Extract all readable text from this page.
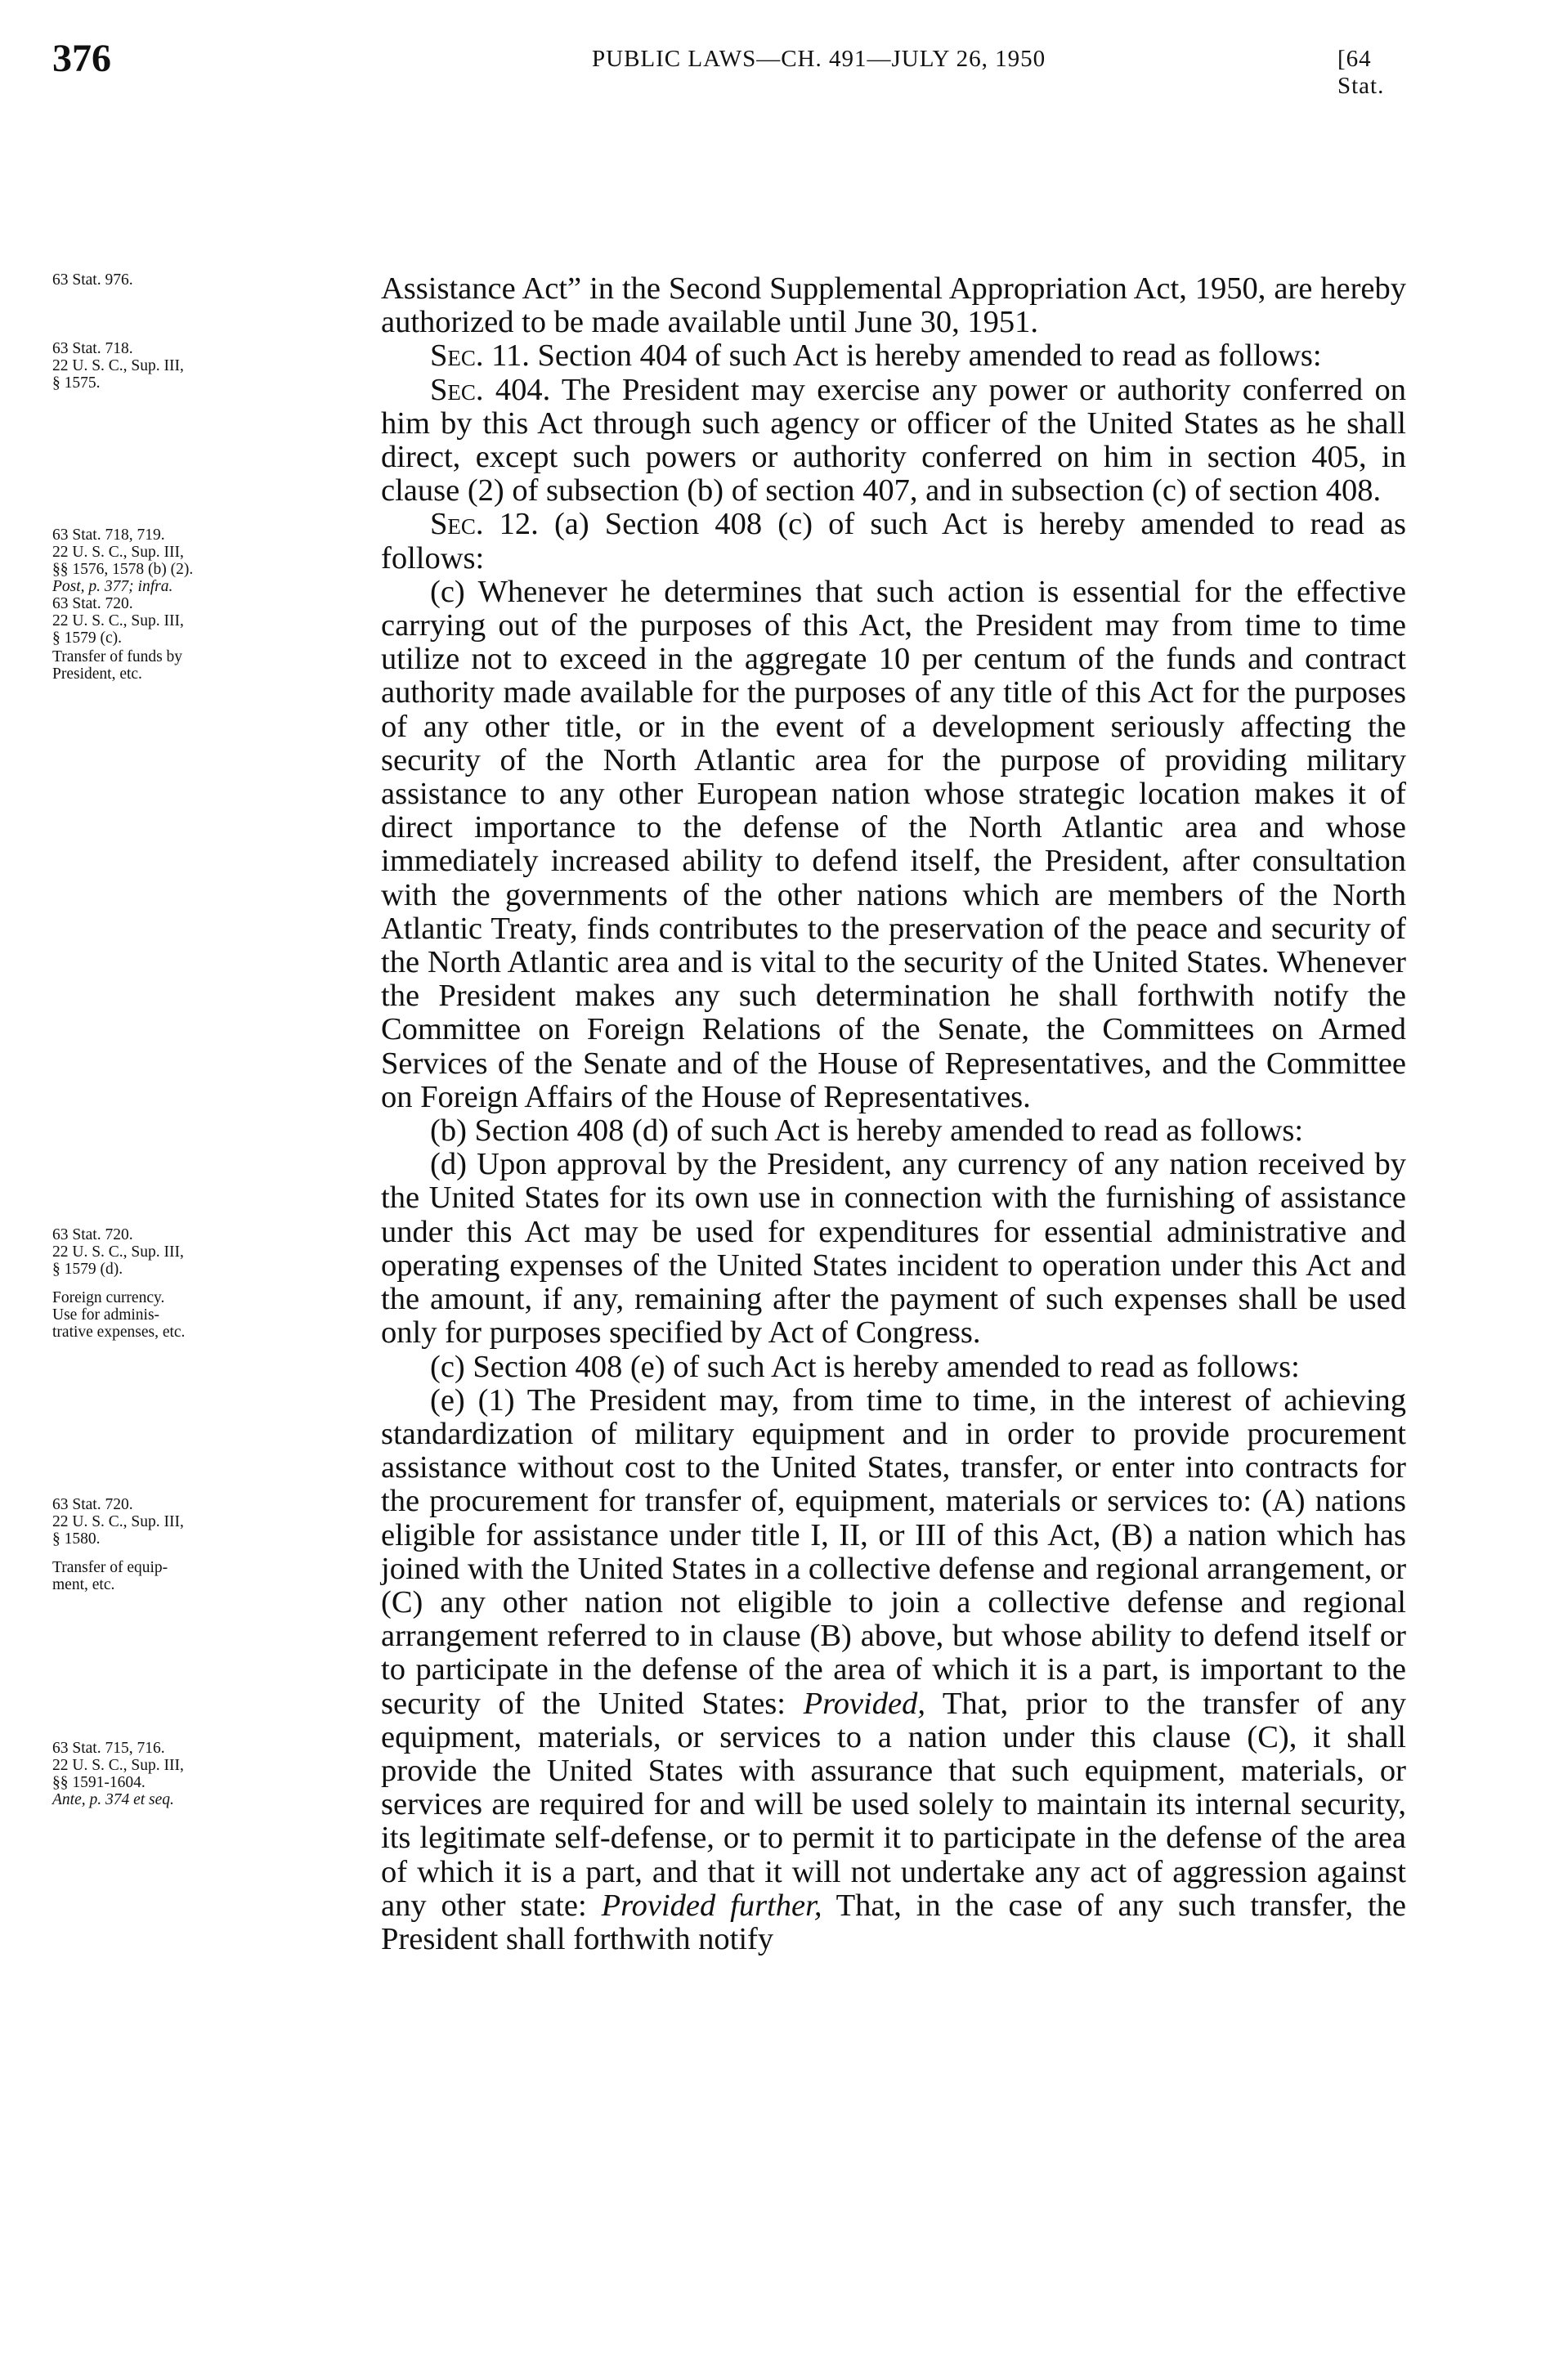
376	PUBLIC LAWS—CH. 491—JULY 26, 1950	[64 Stat.
63 Stat. 976.
63 Stat. 718.
22 U. S. C., Sup. III,
§ 1575.
63 Stat. 718, 719.
22 U. S. C., Sup. III,
§§ 1576, 1578 (b) (2).
Post, p. 377; infra.
63 Stat. 720.
22 U. S. C., Sup. III,
§ 1579 (c).
Transfer of funds by
President, etc.
63 Stat. 720.
22 U. S. C., Sup. III,
§ 1579 (d).
Foreign currency.
Use for adminis-
trative expenses, etc.
63 Stat. 720.
22 U. S. C., Sup. III,
§ 1580.
Transfer of equip-
ment, etc.
63 Stat. 715, 716.
22 U. S. C., Sup. III,
§§ 1591-1604.
Ante, p. 374 et seq.

Assistance Act” in the Second Supplemental Appropriation Act, 1950, are hereby authorized to be made available until June 30, 1951.

Sec. 11. Section 404 of such Act is hereby amended to read as follows:

Sec. 404. The President may exercise any power or authority conferred on him by this Act through such agency or officer of the United States as he shall direct, except such powers or authority conferred on him in section 405, in clause (2) of subsection (b) of section 407, and in subsection (c) of section 408.

Sec. 12. (a) Section 408 (c) of such Act is hereby amended to read as follows:

(c) Whenever he determines that such action is essential for the effective carrying out of the purposes of this Act, the President may from time to time utilize not to exceed in the aggregate 10 per centum of the funds and contract authority made available for the purposes of any title of this Act for the purposes of any other title, or in the event of a development seriously affecting the security of the North Atlantic area for the purpose of providing military assistance to any other European nation whose strategic location makes it of direct importance to the defense of the North Atlantic area and whose immediately increased ability to defend itself, the President, after consultation with the governments of the other nations which are members of the North Atlantic Treaty, finds contributes to the preservation of the peace and security of the North Atlantic area and is vital to the security of the United States. Whenever the President makes any such determination he shall forthwith notify the Committee on Foreign Relations of the Senate, the Committees on Armed Services of the Senate and of the House of Representatives, and the Committee on Foreign Affairs of the House of Representatives.

(b) Section 408 (d) of such Act is hereby amended to read as follows:

(d) Upon approval by the President, any currency of any nation received by the United States for its own use in connection with the furnishing of assistance under this Act may be used for expenditures for essential administrative and operating expenses of the United States incident to operation under this Act and the amount, if any, remaining after the payment of such expenses shall be used only for purposes specified by Act of Congress.

(c) Section 408 (e) of such Act is hereby amended to read as follows:

(e) (1) The President may, from time to time, in the interest of achieving standardization of military equipment and in order to provide procurement assistance without cost to the United States, transfer, or enter into contracts for the procurement for transfer of, equipment, materials or services to: (A) nations eligible for assistance under title I, II, or III of this Act, (B) a nation which has joined with the United States in a collective defense and regional arrangement, or (C) any other nation not eligible to join a collective defense and regional arrangement referred to in clause (B) above, but whose ability to defend itself or to participate in the defense of the area of which it is a part, is important to the security of the United States: Provided, That, prior to the transfer of any equipment, materials, or services to a nation under this clause (C), it shall provide the United States with assurance that such equipment, materials, or services are required for and will be used solely to maintain its internal security, its legitimate self-defense, or to permit it to participate in the defense of the area of which it is a part, and that it will not undertake any act of aggression against any other state: Provided further, That, in the case of any such transfer, the President shall forthwith notify
